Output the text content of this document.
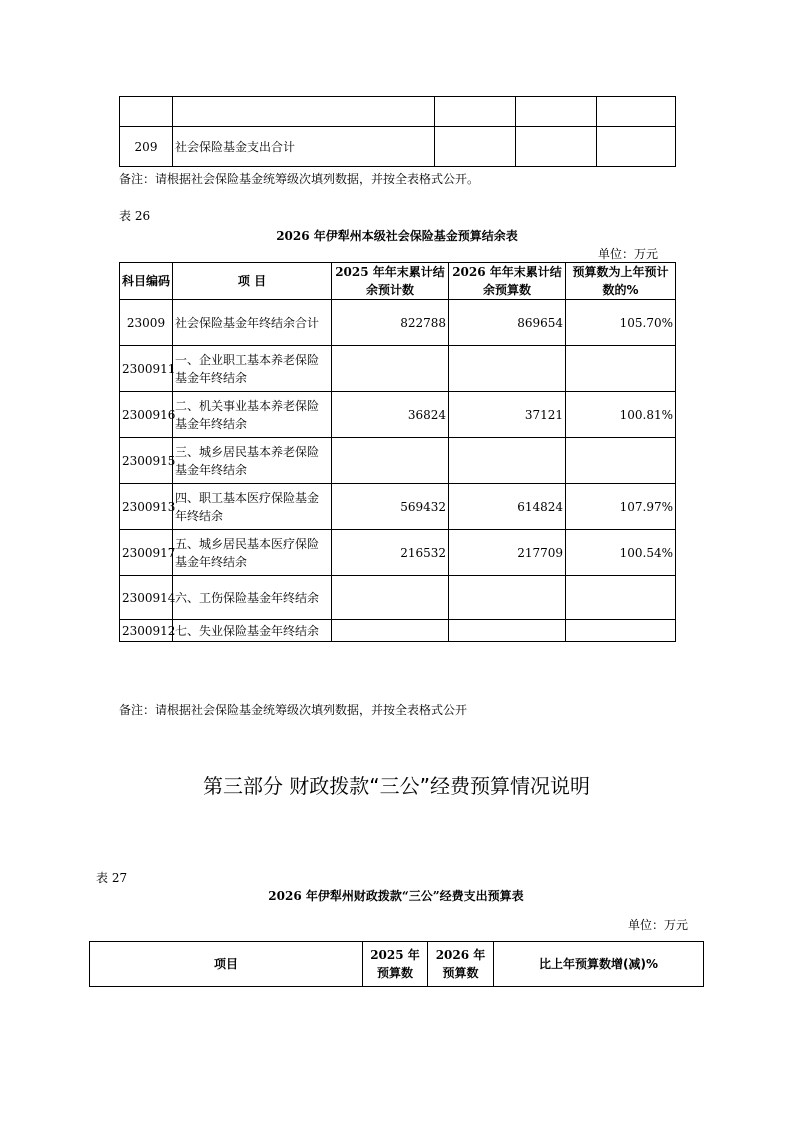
209	社会保险基金支出合计			
备注：请根据社会保险基金统筹级次填列数据，并按全表格式公开。
表 26
2026 年伊犁州本级社会保险基金预算结余表
单位：万元
科目编码	项 目	2025 年年末累计结余预计数	2026 年年末累计结余预算数	预算数为上年预计数的%
23009	社会保险基金年终结余合计	822788	869654	105.70%
2300911	一、企业职工基本养老保险基金年终结余			
2300916	二、机关事业基本养老保险基金年终结余	36824	37121	100.81%
2300915	三、城乡居民基本养老保险基金年终结余			
2300913	四、职工基本医疗保险基金年终结余	569432	614824	107.97%
2300917	五、城乡居民基本医疗保险基金年终结余	216532	217709	100.54%
2300914	六、工伤保险基金年终结余			
2300912	七、失业保险基金年终结余			
备注：请根据社会保险基金统筹级次填列数据，并按全表格式公开
第三部分 财政拨款“三公”经费预算情况说明
表 27
2026 年伊犁州财政拨款“三公”经费支出预算表
单位：万元
项目	2025 年预算数	2026 年预算数	比上年预算数增(减)%
